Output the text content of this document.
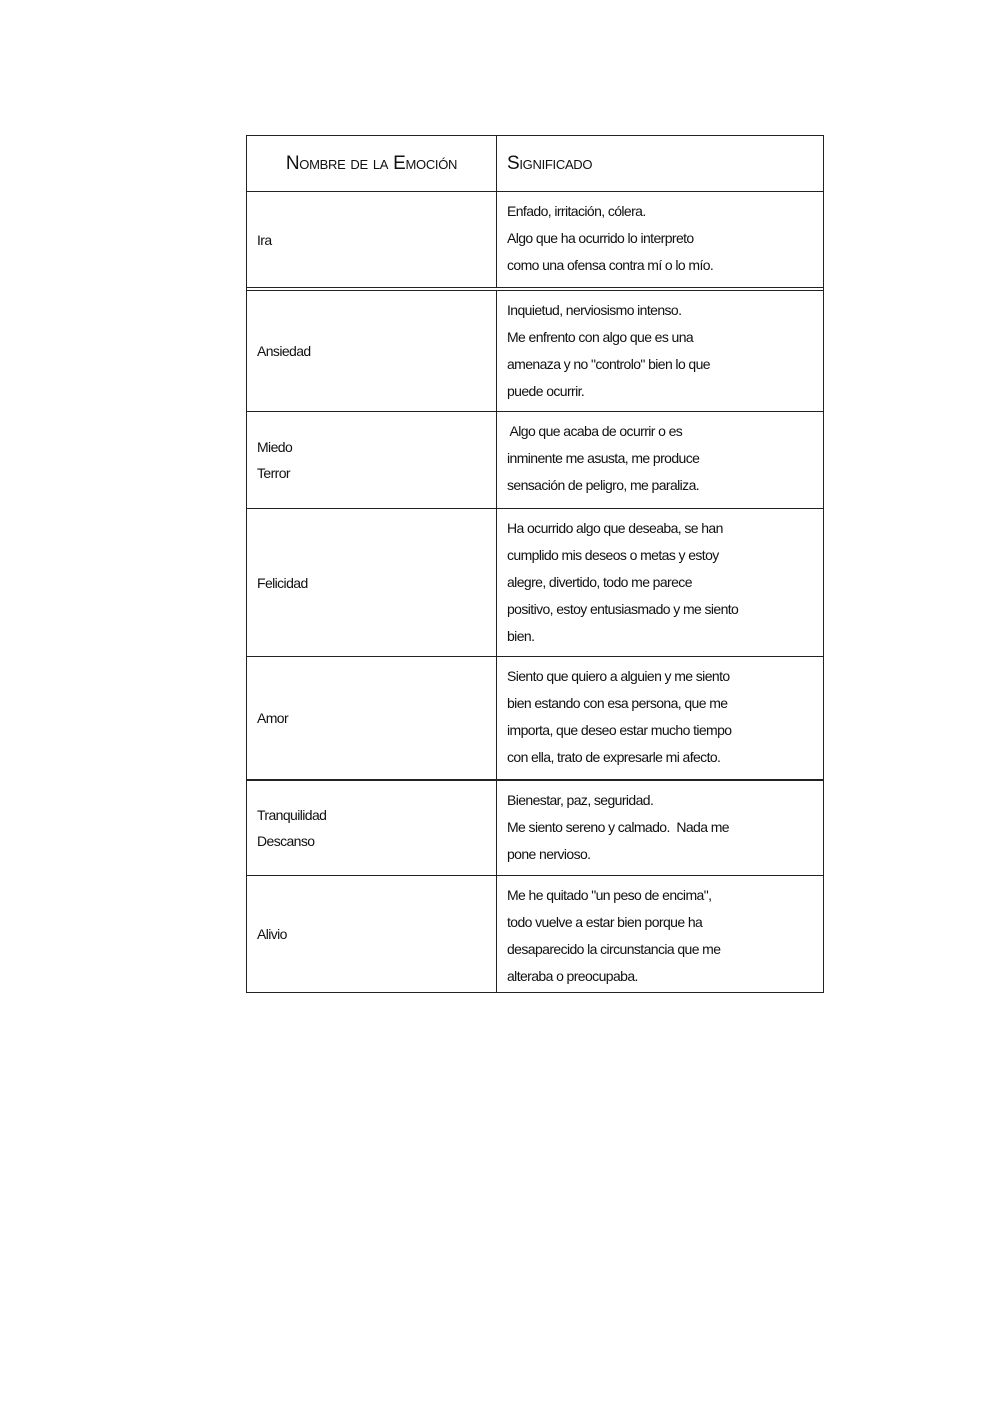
Nombre de la Emoción	Significado
Ira
Enfado, irritación, cólera.
Algo que ha ocurrido lo interpreto
como una ofensa contra mí o lo mío.
Ansiedad
Inquietud, nerviosismo intenso.
Me enfrento con algo que es una
amenaza y no "controlo" bien lo que
puede ocurrir.
Miedo
Terror
Algo que acaba de ocurrir o es
inminente me asusta, me produce
sensación de peligro, me paraliza.
Felicidad
Ha ocurrido algo que deseaba, se han
cumplido mis deseos o metas y estoy
alegre, divertido, todo me parece
positivo, estoy entusiasmado y me siento
bien.
Amor
Siento que quiero a alguien y me siento
bien estando con esa persona, que me
importa, que deseo estar mucho tiempo
con ella, trato de expresarle mi afecto.
Tranquilidad
Descanso
Bienestar, paz, seguridad.
Me siento sereno y calmado.  Nada me
pone nervioso.
Alivio
Me he quitado "un peso de encima",
todo vuelve a estar bien porque ha
desaparecido la circunstancia que me
alteraba o preocupaba.
